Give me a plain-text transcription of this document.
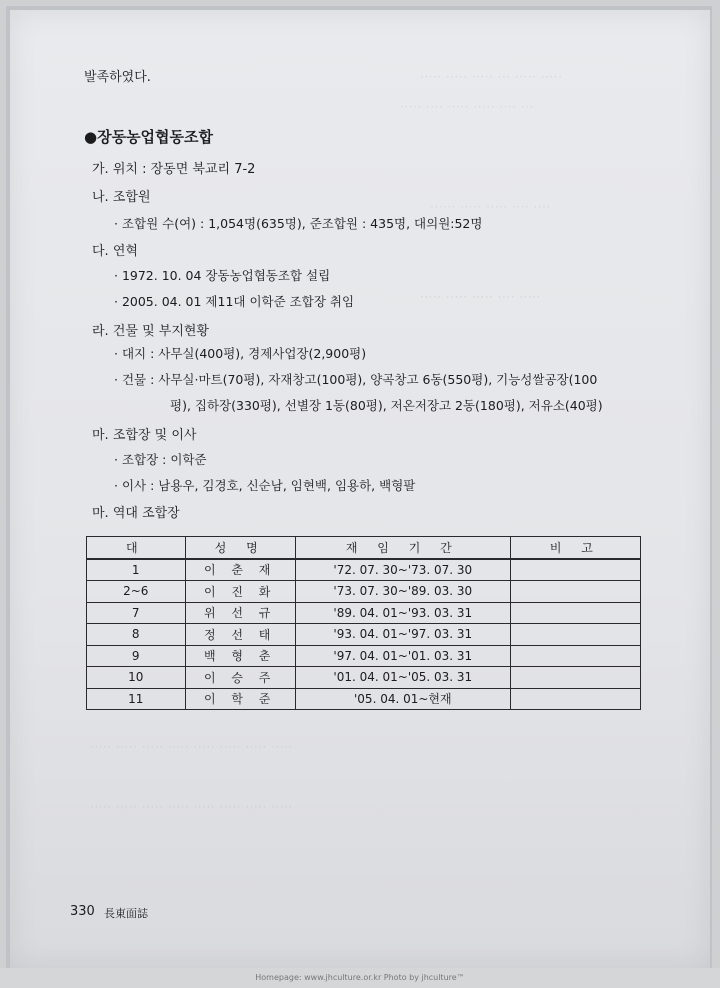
····· ····· ····· ··· ····· ·····
····· ···· ····· ····· ···· ···
······ ····· ····· ···· ····
····· ····· ····· ···· ·····
····· ····· ····· ····· ····· ····· ····· ·····
····· ····· ····· ····· ····· ····· ····· ·····
발족하였다.
●장동농업협동조합
가. 위치 : 장동면 북교리 7-2
나. 조합원
· 조합원 수(여) : 1,054명(635명), 준조합원 : 435명, 대의원:52명
다. 연혁
· 1972. 10. 04 장동농업협동조합 설립
· 2005. 04. 01 제11대 이학준 조합장 취임
라. 건물 및 부지현황
· 대지 : 사무실(400평), 경제사업장(2,900평)
· 건물 : 사무실·마트(70평), 자재창고(100평), 양곡창고 6동(550평), 기능성쌀공장(100
평), 집하장(330평), 선별장 1동(80평), 저온저장고 2동(180평), 저유소(40평)
마. 조합장 및 이사
· 조합장 : 이학준
· 이사 : 남용우, 김경호, 신순남, 임현백, 임용하, 백형팔
마. 역대 조합장
대	성 명	재 임 기 간	비 고
1	이 춘 재	'72. 07. 30~'73. 07. 30	
2~6	이 진 화	'73. 07. 30~'89. 03. 30	
7	위 선 규	'89. 04. 01~'93. 03. 31	
8	정 선 태	'93. 04. 01~'97. 03. 31	
9	백 형 춘	'97. 04. 01~'01. 03. 31	
10	이 승 주	'01. 04. 01~'05. 03. 31	
11	이 학 준	'05. 04. 01~현재	
330 長東面誌
Homepage: www.jhculture.or.kr Photo by jhculture™
